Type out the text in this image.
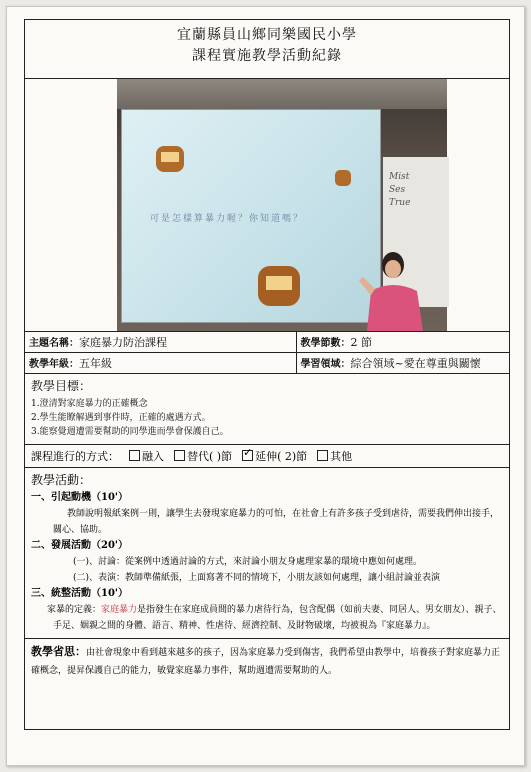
宜蘭縣員山鄉同樂國民小學
課程實施教學活動紀錄
可是怎樣算暴力喔？你知道嗎？
Mist
Ses
True
主題名稱：家庭暴力防治課程	教學節數：2 節
教學年級：五年級	學習領域：綜合領域~愛在尊重與關懷
教學目標：
1.澄清對家庭暴力的正確概念
2.學生能瞭解遇到事件時，正確的處遇方式。
3.能察覺週遭需要幫助的同學進而學會保護自己。
課程進行的方式：	融入	替代( )節 ✓	延伸( 2)節	其他
教學活動：
一、引起動機（10'）
教師說明報紙案例一則，讓學生去發現家庭暴力的可怕，在社會上有許多孩子受到虐待，需要我們伸出接手，關心、協助。
二、發展活動（20'）
(一)、討論：從案例中透過討論的方式，來討論小朋友身處理家暴的環境中應如何處理。
(二)、表演：教師準備紙張，上面寫著不同的情境下，小朋友該如何處理，讓小組討論並表演
三、統整活動（10'）
家暴的定義：家庭暴力是指發生在家庭成員間的暴力虐待行為，包含配偶（如前夫妻、同居人、男女朋友）、親子、手足、姻親之間的身體、語言、精神、性虐待、經濟控制、及財物破壞，均被視為『家庭暴力』。
教學省思：由社會現象中看到越來越多的孩子，因為家庭暴力受到傷害，我們希望由教學中，培養孩子對家庭暴力正確概念，提昇保護自己的能力，敏覺家庭暴力事件，幫助週遭需要幫助的人。
